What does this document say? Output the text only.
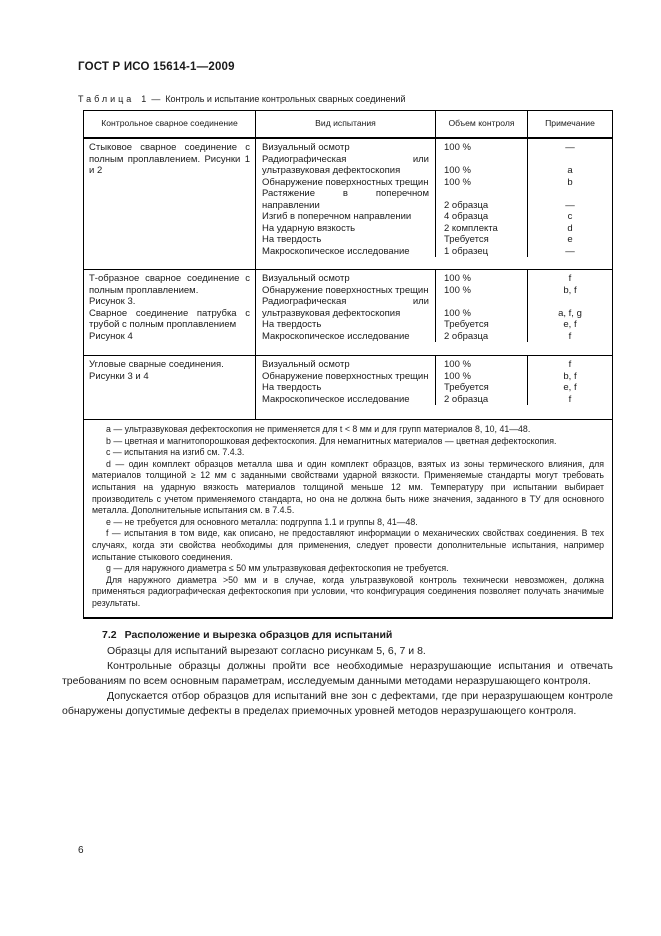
ГОСТ Р ИСО 15614-1—2009
Таблица 1 — Контроль и испытание контрольных сварных соединений
Контрольное сварное соединение	Вид испытания	Объем контроля	Примечание
Стыковое сварное соединение с полным проплавлением. Рисунки 1 и 2
Визуальный осмотр	100 %	—
Радиографическая или ультразвуковая дефектоскопия	100 %	a
Обнаружение поверхностных трещин	100 %	b
Растяжение в поперечном направлении	2 образца	—
Изгиб в поперечном направлении	4 образца	c
На ударную вязкость	2 комплекта	d
На твердость	Требуется	e
Макроскопическое исследование	1 образец	—
Т-образное сварное соединение с полным проплавлением.
Рисунок 3.
Сварное соединение патрубка с трубой с полным проплавлением
Рисунок 4
Визуальный осмотр	100 %	f
Обнаружение поверхностных трещин	100 %	b, f
Радиографическая или ультразвуковая дефектоскопия	100 %	a, f, g
На твердость	Требуется	e, f
Макроскопическое исследование	2 образца	f
Угловые сварные соединения.
Рисунки 3 и 4
Визуальный осмотр	100 %	f
Обнаружение поверхностных трещин	100 %	b, f
На твердость	Требуется	e, f
Макроскопическое исследование	2 образца	f
a — ультразвуковая дефектоскопия не применяется для t < 8 мм и для групп материалов 8, 10, 41—48.
b — цветная и магнитопорошковая дефектоскопия. Для немагнитных материалов — цветная дефектоскопия.
c — испытания на изгиб см. 7.4.3.
d — один комплект образцов металла шва и один комплект образцов, взятых из зоны термического влияния, для материалов толщиной ≥ 12 мм с заданными свойствами ударной вязкости. Применяемые стандарты могут требовать испытания на ударную вязкость материалов толщиной меньше 12 мм. Температуру при испытании выбирает производитель с учетом применяемого стандарта, но она не должна быть ниже значения, заданного в ТУ для основного металла. Дополнительные испытания см. в 7.4.5.
e — не требуется для основного металла: подгруппа 1.1 и группы 8, 41—48.
f — испытания в том виде, как описано, не предоставляют информации о механических свойствах соединения. В тех случаях, когда эти свойства необходимы для применения, следует провести дополнительные испытания, например испытание стыкового соединения.
g — для наружного диаметра ≤ 50 мм ультразвуковая дефектоскопия не требуется.
Для наружного диаметра >50 мм и в случае, когда ультразвуковой контроль технически невозможен, должна применяться радиографическая дефектоскопия при условии, что конфигурация соединения позволяет получать значимые результаты.
7.2 Расположение и вырезка образцов для испытаний
Образцы для испытаний вырезают согласно рисункам 5, 6, 7 и 8.
Контрольные образцы должны пройти все необходимые неразрушающие испытания и отвечать требованиям по всем основным параметрам, исследуемым данными методами неразрушающего контроля.
Допускается отбор образцов для испытаний вне зон с дефектами, где при неразрушающем контроле обнаружены допустимые дефекты в пределах приемочных уровней методов неразрушающего контроля.
6
